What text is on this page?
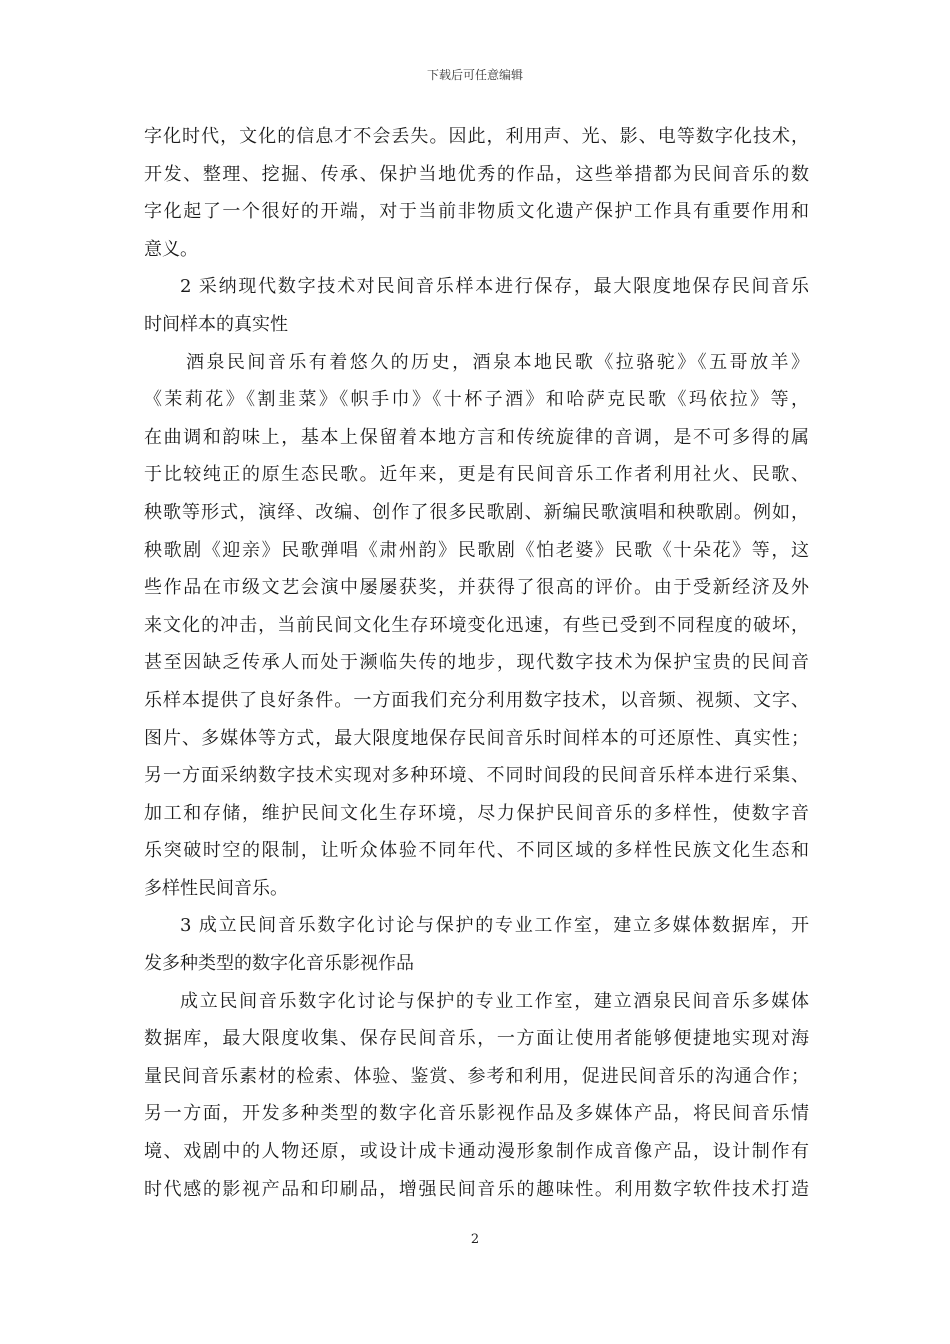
下载后可任意编辑
字化时代，文化的信息才不会丢失。因此，利用声、光、影、电等数字化技术，
开发、整理、挖掘、传承、保护当地优秀的作品，这些举措都为民间音乐的数
字化起了一个很好的开端，对于当前非物质文化遗产保护工作具有重要作用和
意义。
2 采纳现代数字技术对民间音乐样本进行保存，最大限度地保存民间音乐
时间样本的真实性
酒泉民间音乐有着悠久的历史，酒泉本地民歌《拉骆驼》《五哥放羊》
《茉莉花》《割韭菜》《帜手巾》《十杯子酒》和哈萨克民歌《玛依拉》等，
在曲调和韵味上，基本上保留着本地方言和传统旋律的音调，是不可多得的属
于比较纯正的原生态民歌。近年来，更是有民间音乐工作者利用社火、民歌、
秧歌等形式，演绎、改编、创作了很多民歌剧、新编民歌演唱和秧歌剧。例如，
秧歌剧《迎亲》民歌弹唱《肃州韵》民歌剧《怕老婆》民歌《十朵花》等，这
些作品在市级文艺会演中屡屡获奖，并获得了很高的评价。由于受新经济及外
来文化的冲击，当前民间文化生存环境变化迅速，有些已受到不同程度的破坏，
甚至因缺乏传承人而处于濒临失传的地步，现代数字技术为保护宝贵的民间音
乐样本提供了良好条件。一方面我们充分利用数字技术，以音频、视频、文字、
图片、多媒体等方式，最大限度地保存民间音乐时间样本的可还原性、真实性；
另一方面采纳数字技术实现对多种环境、不同时间段的民间音乐样本进行采集、
加工和存储，维护民间文化生存环境，尽力保护民间音乐的多样性，使数字音
乐突破时空的限制，让听众体验不同年代、不同区域的多样性民族文化生态和
多样性民间音乐。
3 成立民间音乐数字化讨论与保护的专业工作室，建立多媒体数据库，开
发多种类型的数字化音乐影视作品
成立民间音乐数字化讨论与保护的专业工作室，建立酒泉民间音乐多媒体
数据库，最大限度收集、保存民间音乐，一方面让使用者能够便捷地实现对海
量民间音乐素材的检索、体验、鉴赏、参考和利用，促进民间音乐的沟通合作；
另一方面，开发多种类型的数字化音乐影视作品及多媒体产品，将民间音乐情
境、戏剧中的人物还原，或设计成卡通动漫形象制作成音像产品，设计制作有
时代感的影视产品和印刷品，增强民间音乐的趣味性。利用数字软件技术打造
2
